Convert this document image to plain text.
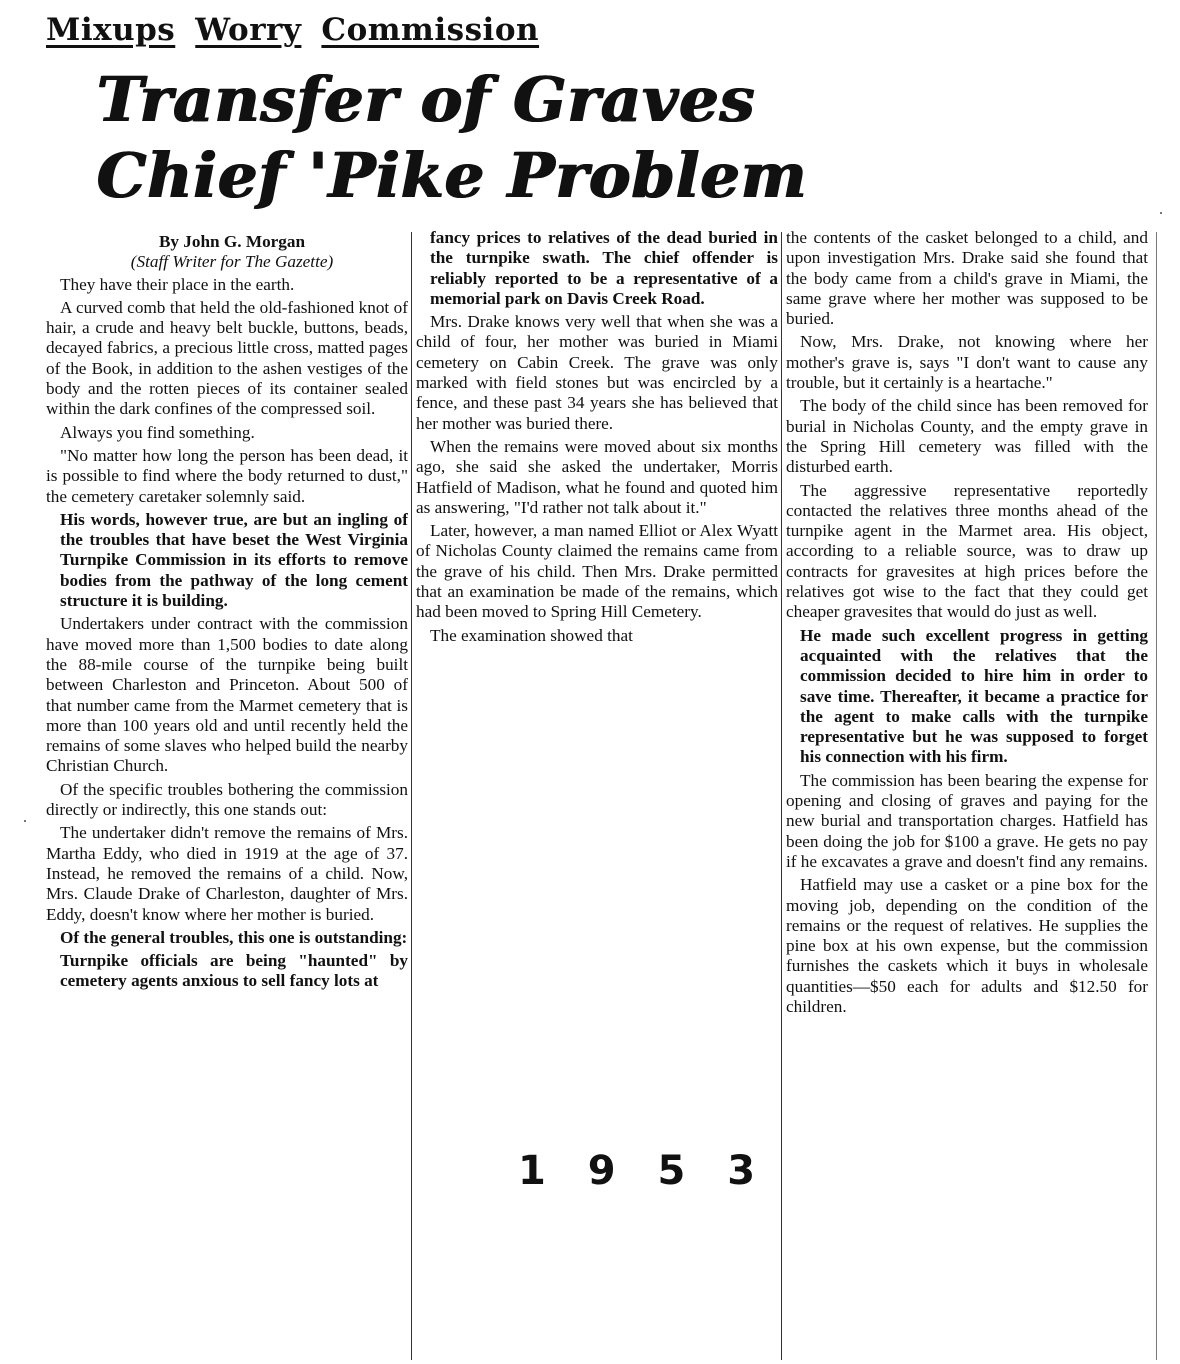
Mixups Worry Commission
Transfer of Graves
Chief 'Pike Problem
By John G. Morgan
(Staff Writer for The Gazette)

They have their place in the earth.

A curved comb that held the old-fashioned knot of hair, a crude and heavy belt buckle, buttons, beads, decayed fabrics, a precious little cross, matted pages of the Book, in addition to the ashen vestiges of the body and the rotten pieces of its container sealed within the dark confines of the compressed soil.

Always you find something.

"No matter how long the person has been dead, it is possible to find where the body returned to dust," the cemetery caretaker solemnly said.

His words, however true, are but an ingling of the troubles that have beset the West Virginia Turnpike Commission in its efforts to remove bodies from the pathway of the long cement structure it is building.

Undertakers under contract with the commission have moved more than 1,500 bodies to date along the 88-mile course of the turnpike being built between Charleston and Princeton. About 500 of that number came from the Marmet cemetery that is more than 100 years old and until recently held the remains of some slaves who helped build the nearby Christian Church.

Of the specific troubles bothering the commission directly or indirectly, this one stands out:

The undertaker didn't remove the remains of Mrs. Martha Eddy, who died in 1919 at the age of 37. Instead, he removed the remains of a child. Now, Mrs. Claude Drake of Charleston, daughter of Mrs. Eddy, doesn't know where her mother is buried.

Of the general troubles, this one is outstanding:

Turnpike officials are being "haunted" by cemetery agents anxious to sell fancy lots at

fancy prices to relatives of the dead buried in the turnpike swath. The chief offender is reliably reported to be a representative of a memorial park on Davis Creek Road.

Mrs. Drake knows very well that when she was a child of four, her mother was buried in Miami cemetery on Cabin Creek. The grave was only marked with field stones but was encircled by a fence, and these past 34 years she has believed that her mother was buried there.

When the remains were moved about six months ago, she said she asked the undertaker, Morris Hatfield of Madison, what he found and quoted him as answering, "I'd rather not talk about it."

Later, however, a man named Elliot or Alex Wyatt of Nicholas County claimed the remains came from the grave of his child. Then Mrs. Drake permitted that an examination be made of the remains, which had been moved to Spring Hill Cemetery.

The examination showed that

the contents of the casket belonged to a child, and upon investigation Mrs. Drake said she found that the body came from a child's grave in Miami, the same grave where her mother was supposed to be buried.

Now, Mrs. Drake, not knowing where her mother's grave is, says "I don't want to cause any trouble, but it certainly is a heartache."

The body of the child since has been removed for burial in Nicholas County, and the empty grave in the Spring Hill cemetery was filled with the disturbed earth.

The aggressive representative reportedly contacted the relatives three months ahead of the turnpike agent in the Marmet area. His object, according to a reliable source, was to draw up contracts for gravesites at high prices before the relatives got wise to the fact that they could get cheaper gravesites that would do just as well.

He made such excellent progress in getting acquainted with the relatives that the commission decided to hire him in order to save time. Thereafter, it became a practice for the agent to make calls with the turnpike representative but he was supposed to forget his connection with his firm.

The commission has been bearing the expense for opening and closing of graves and paying for the new burial and transportation charges. Hatfield has been doing the job for $100 a grave. He gets no pay if he excavates a grave and doesn't find any remains.

Hatfield may use a casket or a pine box for the moving job, depending on the condition of the remains or the request of relatives. He supplies the pine box at his own expense, but the commission furnishes the caskets which it buys in wholesale quantities—$50 each for adults and $12.50 for children.

1 9 5 3
